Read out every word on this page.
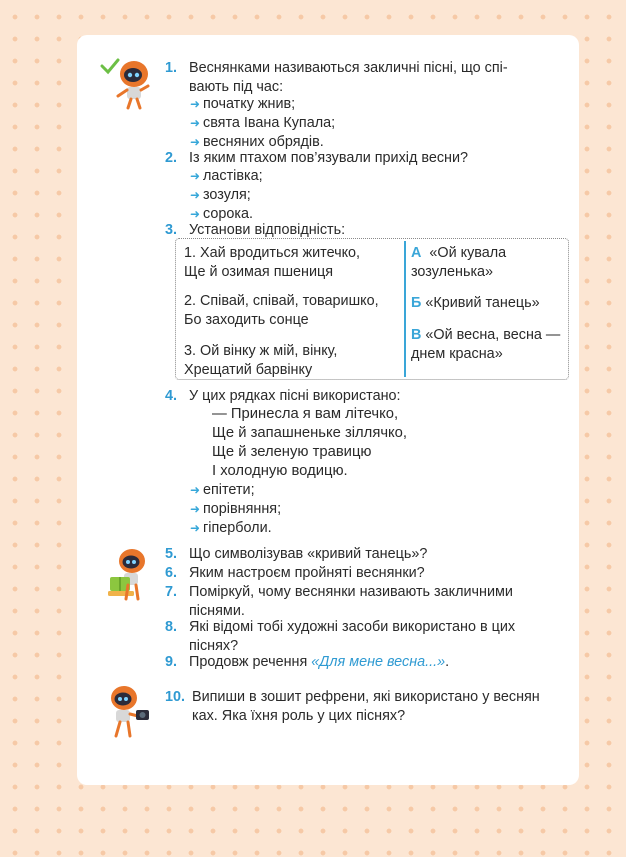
1. Веснянками називаються закличні пісні, що спі-
вають під час:
➜ початку жнив;
➜ свята Івана Купала;
➜ весняних обрядів.
2. Із яким птахом пов’язували прихід весни?
➜ ластівка;
➜ зозуля;
➜ сорока.
3. Установи відповідність:
1. Хай вродиться житечко,
Ще й озимая пшениця
2. Співай, співай, товаришко,
Бо заходить сонце
3. Ой вінку ж мій, вінку,
Хрещатий барвінку
А «Ой кувала
зозуленька»
Б «Кривий танець»
В «Ой весна, весна —
днем красна»
4. У цих рядках пісні використано:
— Принесла я вам літечко,
Ще й запашненьке зіллячко,
Ще й зеленую травицю
І холодную водицю.
➜ епітети;
➜ порівняння;
➜ гіперболи.
5. Що символізував «кривий танець»?
6. Яким настроєм пройняті веснянки?
7. Поміркуй, чому веснянки називають закличними
піснями.
8. Які відомі тобі художні засоби використано в цих
піснях?
9. Продовж речення «Для мене весна...».
10. Випиши в зошит рефрени, які використано у веснян
ках. Яка їхня роль у цих піснях?
